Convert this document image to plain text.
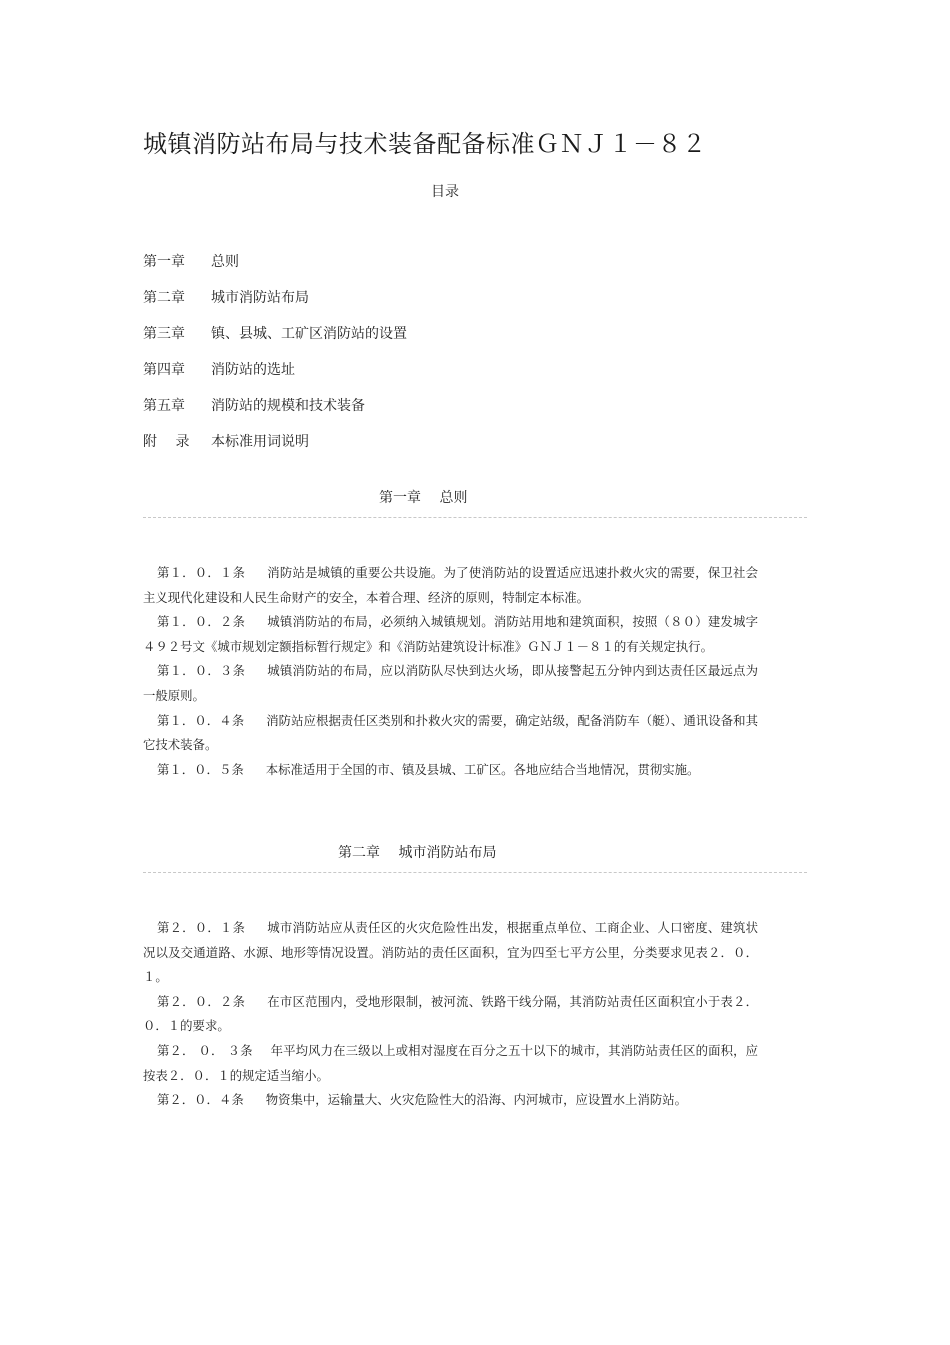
城镇消防站布局与技术装备配备标准ＧＮＪ１－８２
目录
第一章 总则
第二章 城市消防站布局
第三章 镇、县城、工矿区消防站的设置
第四章 消防站的选址
第五章 消防站的规模和技术装备
附　 录 本标准用词说明
第一章　 总则

第１．０．１条 消防站是城镇的重要公共设施。为了使消防站的设置适应迅速扑救火灾的需要，保卫社会主义现代化建设和人民生命财产的安全，本着合理、经济的原则，特制定本标准。

第１．０．２条 城镇消防站的布局，必须纳入城镇规划。消防站用地和建筑面积，按照（８０）建发城字４９２号文《城市规划定额指标暂行规定》和《消防站建筑设计标准》ＧＮＪ１－８１的有关规定执行。

第１．０．３条 城镇消防站的布局，应以消防队尽快到达火场，即从接警起五分钟内到达责任区最远点为一般原则。

第１．０．４条 消防站应根据责任区类别和扑救火灾的需要，确定站级，配备消防车（艇）、通讯设备和其它技术装备。

第１．０．５条 本标准适用于全国的市、镇及县城、工矿区。各地应结合当地情况，贯彻实施。

第二章　 城市消防站布局

第２．０．１条 城市消防站应从责任区的火灾危险性出发，根据重点单位、工商企业、人口密度、建筑状况以及交通道路、水源、地形等情况设置。消防站的责任区面积，宜为四至七平方公里，分类要求见表２．０．１。

第２．０．２条 在市区范围内，受地形限制，被河流、铁路干线分隔，其消防站责任区面积宜小于表２．０．１的要求。

第２． ０． ３条 年平均风力在三级以上或相对湿度在百分之五十以下的城市，其消防站责任区的面积，应按表２．０．１的规定适当缩小。

第２．０．４条 物资集中，运输量大、火灾危险性大的沿海、内河城市，应设置水上消防站。
